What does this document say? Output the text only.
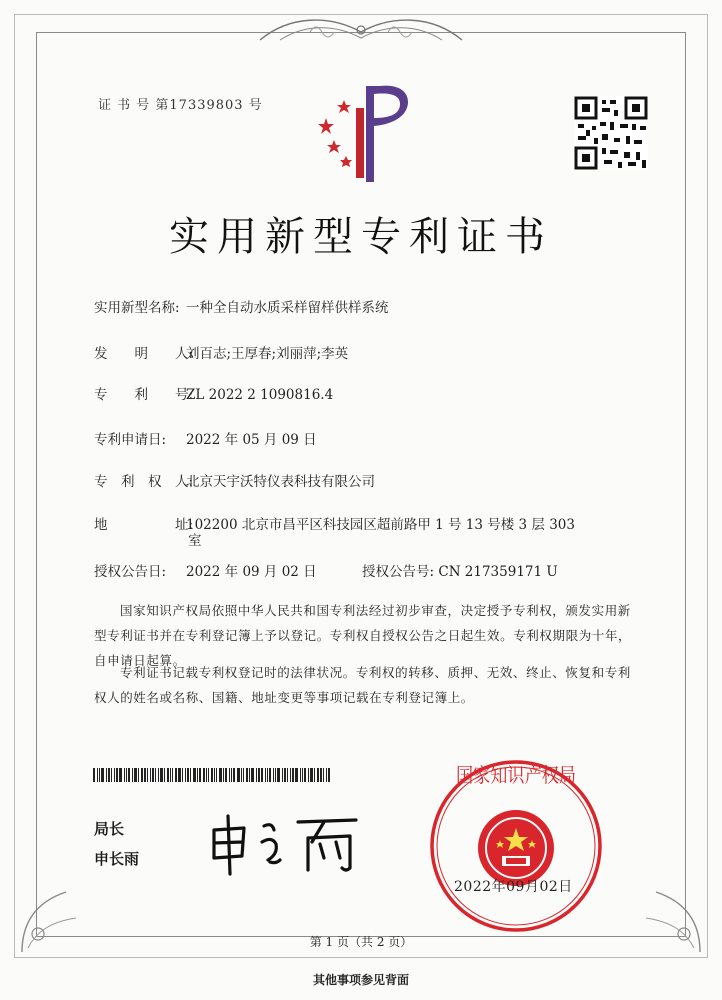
证 书 号 第17339803 号
实用新型专利证书
实用新型名称: 一种全自动水质采样留样供样系统
发　　明　　人:刘百志;王厚春;刘丽萍;李英
专　　利　　号:ZL 2022 2 1090816.4
专利申请日: 2022 年 05 月 09 日
专　利　权　人:北京天宇沃特仪表科技有限公司
地　　　　　址:102200 北京市昌平区科技园区超前路甲 1 号 13 号楼 3 层 303
室
授权公告日: 2022 年 09 月 02 日	授权公告号: CN 217359171 U
国家知识产权局依照中华人民共和国专利法经过初步审查，决定授予专利权，颁发实用新型专利证书并在专利登记簿上予以登记。专利权自授权公告之日起生效。专利权期限为十年，自申请日起算。
专利证书记载专利权登记时的法律状况。专利权的转移、质押、无效、终止、恢复和专利权人的姓名或名称、国籍、地址变更等事项记载在专利登记簿上。
局长
申长雨
国家知识产权局
2022年09月02日
第 1 页（共 2 页）
其他事项参见背面
